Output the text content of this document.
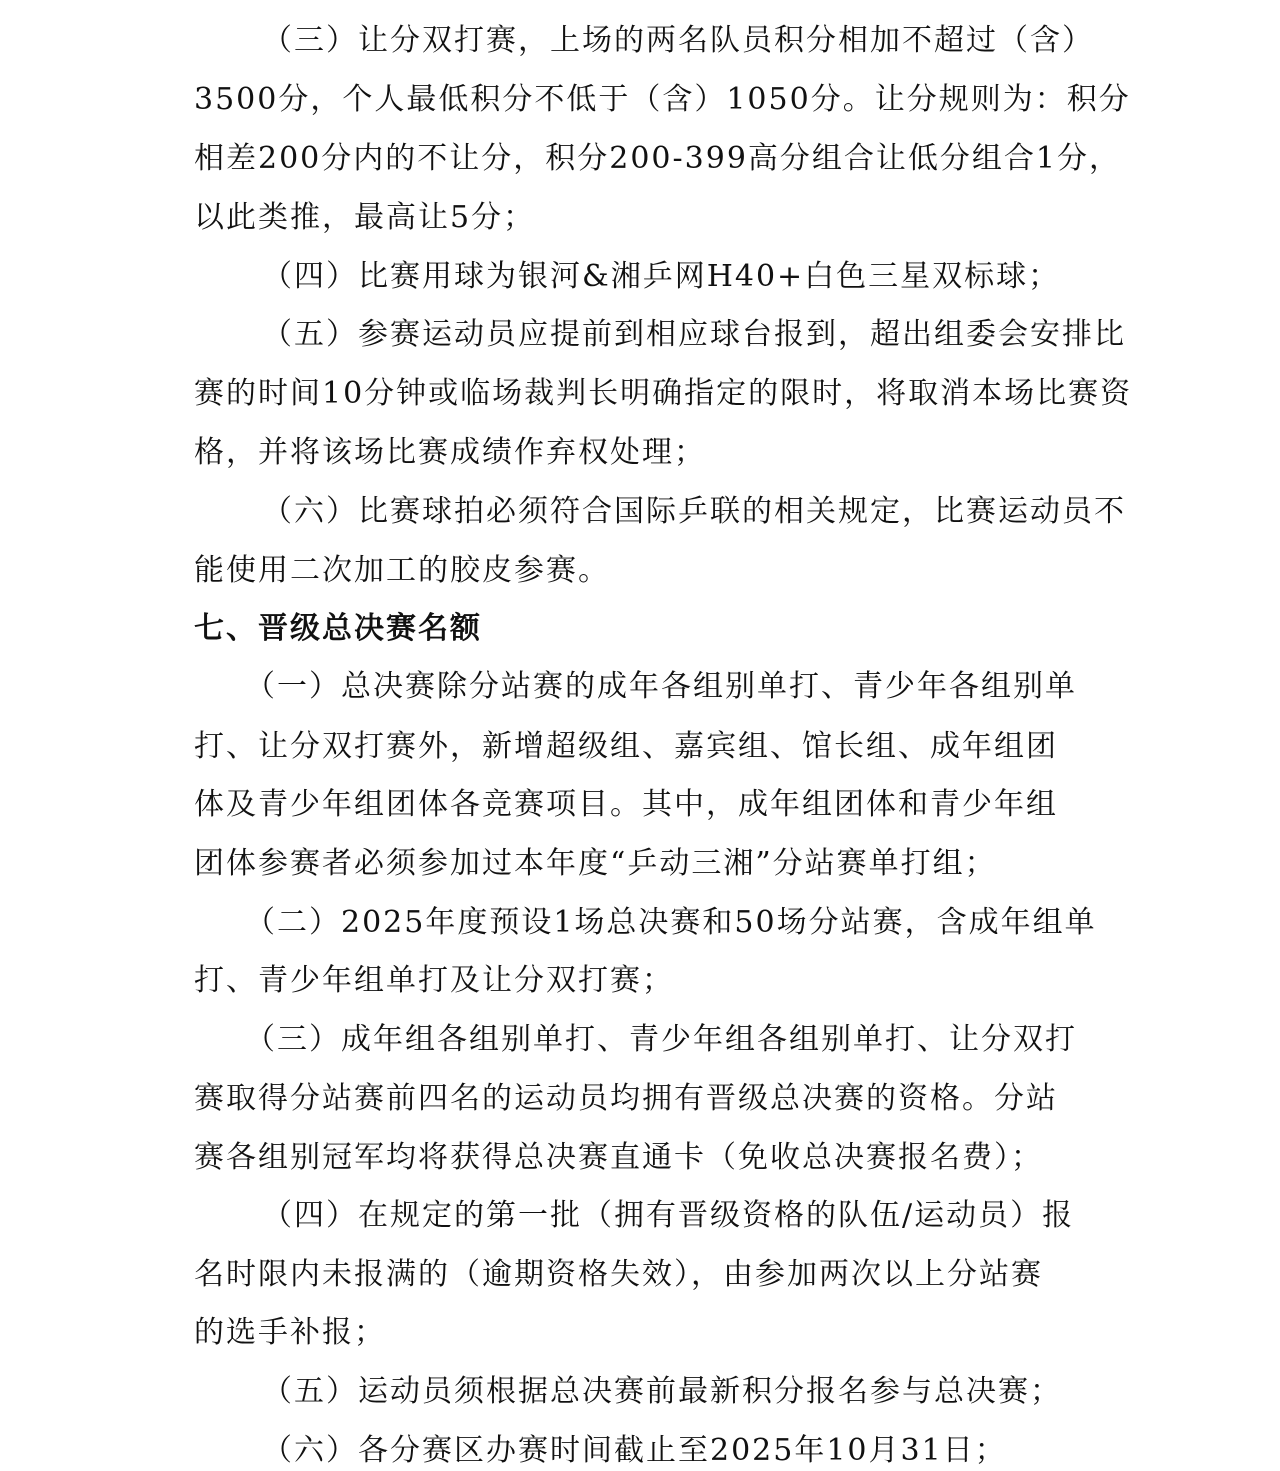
（三）让分双打赛，上场的两名队员积分相加不超过（含）
3500分，个人最低积分不低于（含）1050分。让分规则为：积分
相差200分内的不让分，积分200-399高分组合让低分组合1分，
以此类推，最高让5分；
（四）比赛用球为银河&湘乒网H40+白色三星双标球；
（五）参赛运动员应提前到相应球台报到，超出组委会安排比
赛的时间10分钟或临场裁判长明确指定的限时，将取消本场比赛资
格，并将该场比赛成绩作弃权处理；
（六）比赛球拍必须符合国际乒联的相关规定，比赛运动员不
能使用二次加工的胶皮参赛。
七、晋级总决赛名额
（一）总决赛除分站赛的成年各组别单打、青少年各组别单
打、让分双打赛外，新增超级组、嘉宾组、馆长组、成年组团
体及青少年组团体各竞赛项目。其中，成年组团体和青少年组
团体参赛者必须参加过本年度“乒动三湘”分站赛单打组；
（二）2025年度预设1场总决赛和50场分站赛，含成年组单
打、青少年组单打及让分双打赛；
（三）成年组各组别单打、青少年组各组别单打、让分双打
赛取得分站赛前四名的运动员均拥有晋级总决赛的资格。分站
赛各组别冠军均将获得总决赛直通卡（免收总决赛报名费）；
（四）在规定的第一批（拥有晋级资格的队伍/运动员）报
名时限内未报满的（逾期资格失效），由参加两次以上分站赛
的选手补报；
（五）运动员须根据总决赛前最新积分报名参与总决赛；
（六）各分赛区办赛时间截止至2025年10月31日；
